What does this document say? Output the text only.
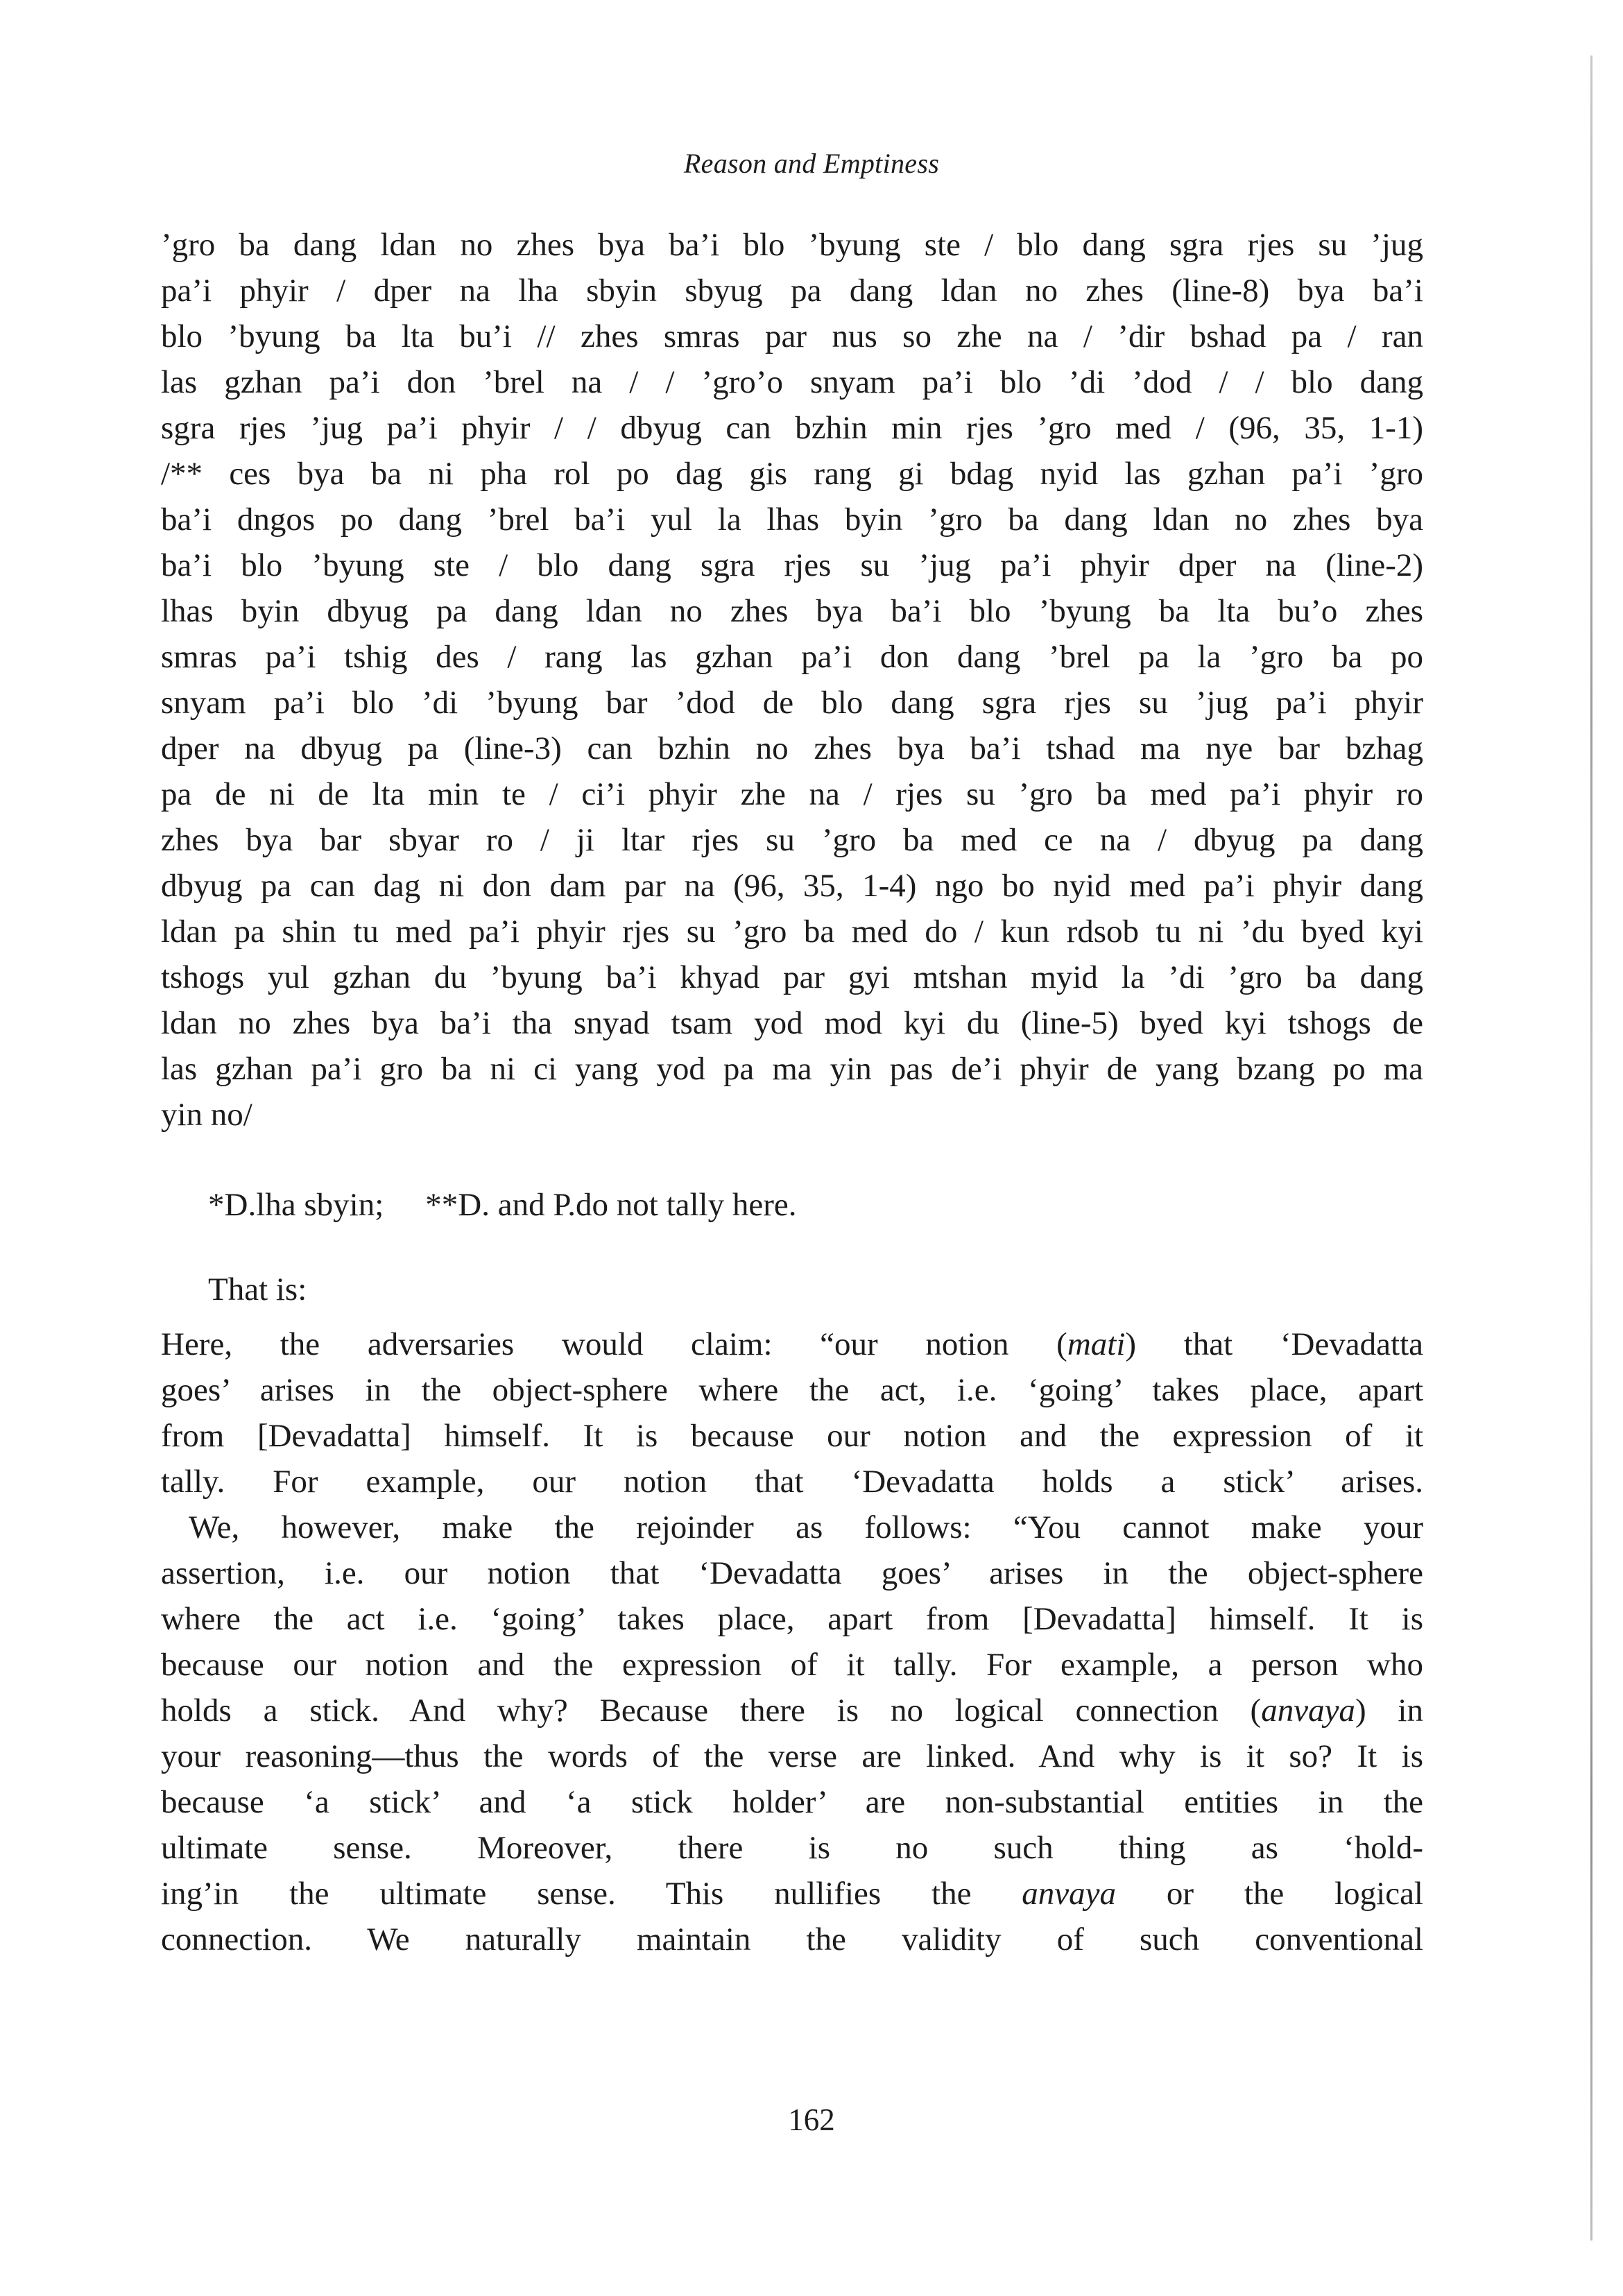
Reason and Emptiness
’gro ba dang ldan no zhes bya ba’i blo ’byung ste / blo dang sgra rjes su ’jug
pa’i phyir / dper na lha sbyin sbyug pa dang ldan no zhes (line-8) bya ba’i
blo ’byung ba lta bu’i // zhes smras par nus so zhe na / ’dir bshad pa / ran
las gzhan pa’i don ’brel na / / ’gro’o snyam pa’i blo ’di ’dod / / blo dang
sgra rjes ’jug pa’i phyir / / dbyug can bzhin min rjes ’gro med / (96, 35, 1-1)
/** ces bya ba ni pha rol po dag gis rang gi bdag nyid las gzhan pa’i ’gro
ba’i dngos po dang ’brel ba’i yul la lhas byin ’gro ba dang ldan no zhes bya
ba’i blo ’byung ste / blo dang sgra rjes su ’jug pa’i phyir dper na (line-2)
lhas byin dbyug pa dang ldan no zhes bya ba’i blo ’byung ba lta bu’o zhes
smras pa’i tshig des / rang las gzhan pa’i don dang ’brel pa la ’gro ba po
snyam pa’i blo ’di ’byung bar ’dod de blo dang sgra rjes su ’jug pa’i phyir
dper na dbyug pa (line-3) can bzhin no zhes bya ba’i tshad ma nye bar bzhag
pa de ni de lta min te / ci’i phyir zhe na / rjes su ’gro ba med pa’i phyir ro
zhes bya bar sbyar ro / ji ltar rjes su ’gro ba med ce na / dbyug pa dang
dbyug pa can dag ni don dam par na (96, 35, 1-4) ngo bo nyid med pa’i phyir dang
ldan pa shin tu med pa’i phyir rjes su ’gro ba med do / kun rdsob tu ni ’du byed kyi
tshogs yul gzhan du ’byung ba’i khyad par gyi mtshan myid la ’di ’gro ba dang
ldan no zhes bya ba’i tha snyad tsam yod mod kyi du (line-5) byed kyi tshogs de
las gzhan pa’i gro ba ni ci yang yod pa ma yin pas de’i phyir de yang bzang po ma
yin no/
*D.lha sbyin; **D. and P.do not tally here.
That is:
Here, the adversaries would claim: “our notion (mati) that ‘Devadatta
goes’ arises in the object-sphere where the act, i.e. ‘going’ takes place, apart
from [Devadatta] himself. It is because our notion and the expression of it
tally. For example, our notion that ‘Devadatta holds a stick’ arises.
We, however, make the rejoinder as follows: “You cannot make your
assertion, i.e. our notion that ‘Devadatta goes’ arises in the object-sphere
where the act i.e. ‘going’ takes place, apart from [Devadatta] himself. It is
because our notion and the expression of it tally. For example, a person who
holds a stick. And why? Because there is no logical connection (anvaya) in
your reasoning—thus the words of the verse are linked. And why is it so? It is
because ‘a stick’ and ‘a stick holder’ are non-substantial entities in the
ultimate sense. Moreover, there is no such thing as ‘hold-
ing’in the ultimate sense. This nullifies the anvaya or the logical
connection. We naturally maintain the validity of such conventional
162
